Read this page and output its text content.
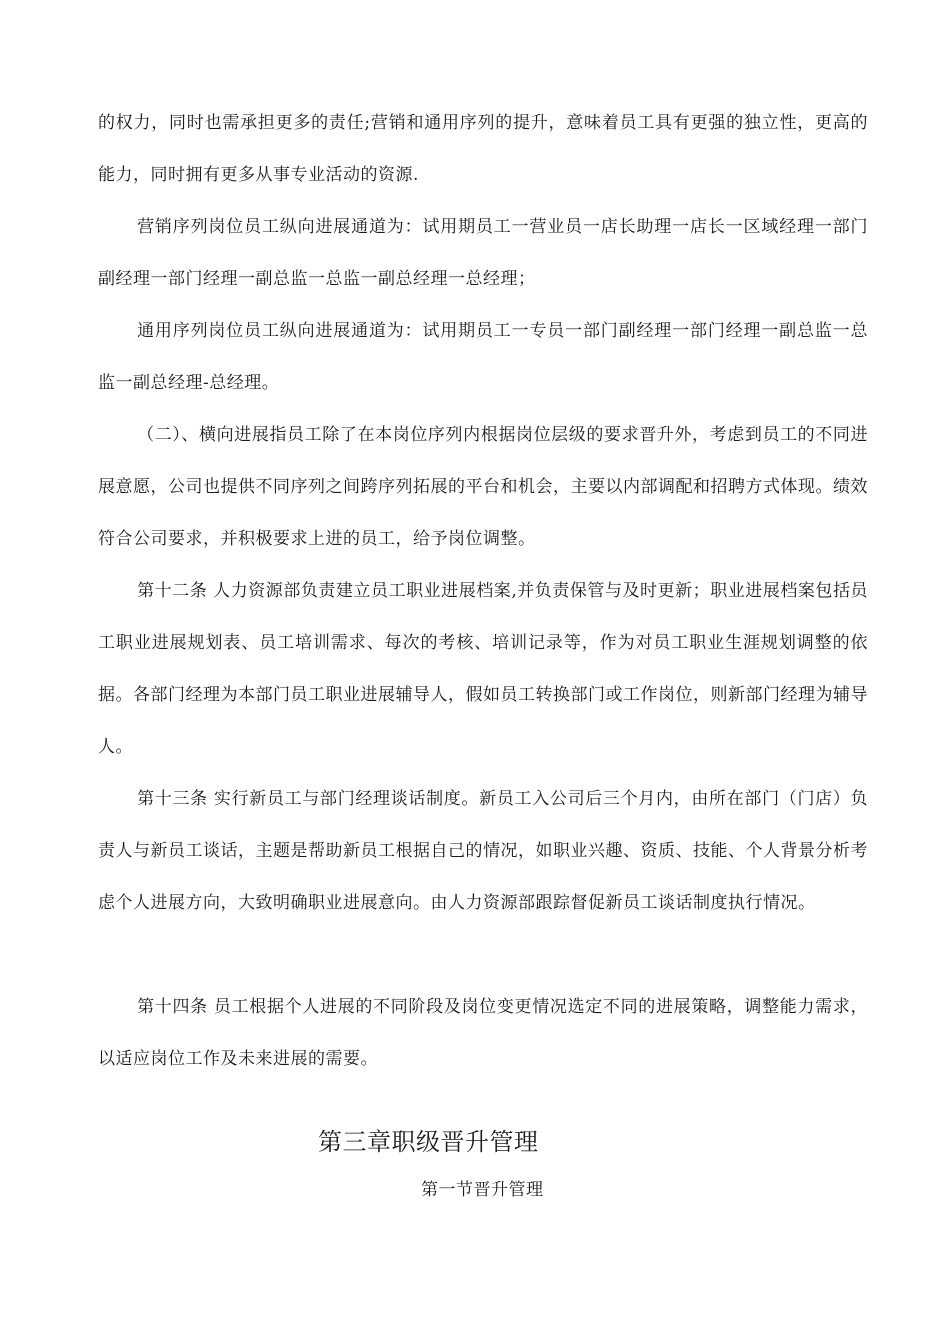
的权力，同时也需承担更多的责任;营销和通用序列的提升，意味着员工具有更强的独立性，更高的能力，同时拥有更多从事专业活动的资源.

营销序列岗位员工纵向进展通道为：试用期员工一营业员一店长助理一店长一区域经理一部门副经理一部门经理一副总监一总监一副总经理一总经理；

通用序列岗位员工纵向进展通道为：试用期员工一专员一部门副经理一部门经理一副总监一总监一副总经理-总经理。

（二）、横向进展指员工除了在本岗位序列内根据岗位层级的要求晋升外，考虑到员工的不同进展意愿，公司也提供不同序列之间跨序列拓展的平台和机会，主要以内部调配和招聘方式体现。绩效符合公司要求，并积极要求上进的员工，给予岗位调整。

第十二条 人力资源部负责建立员工职业进展档案,并负责保管与及时更新；职业进展档案包括员工职业进展规划表、员工培训需求、每次的考核、培训记录等，作为对员工职业生涯规划调整的依据。各部门经理为本部门员工职业进展辅导人，假如员工转换部门或工作岗位，则新部门经理为辅导人。

第十三条 实行新员工与部门经理谈话制度。新员工入公司后三个月内，由所在部门（门店）负责人与新员工谈话，主题是帮助新员工根据自己的情况，如职业兴趣、资质、技能、个人背景分析考虑个人进展方向，大致明确职业进展意向。由人力资源部跟踪督促新员工谈话制度执行情况。

第十四条 员工根据个人进展的不同阶段及岗位变更情况选定不同的进展策略，调整能力需求，以适应岗位工作及未来进展的需要。

第三章职级晋升管理
第一节晋升管理
